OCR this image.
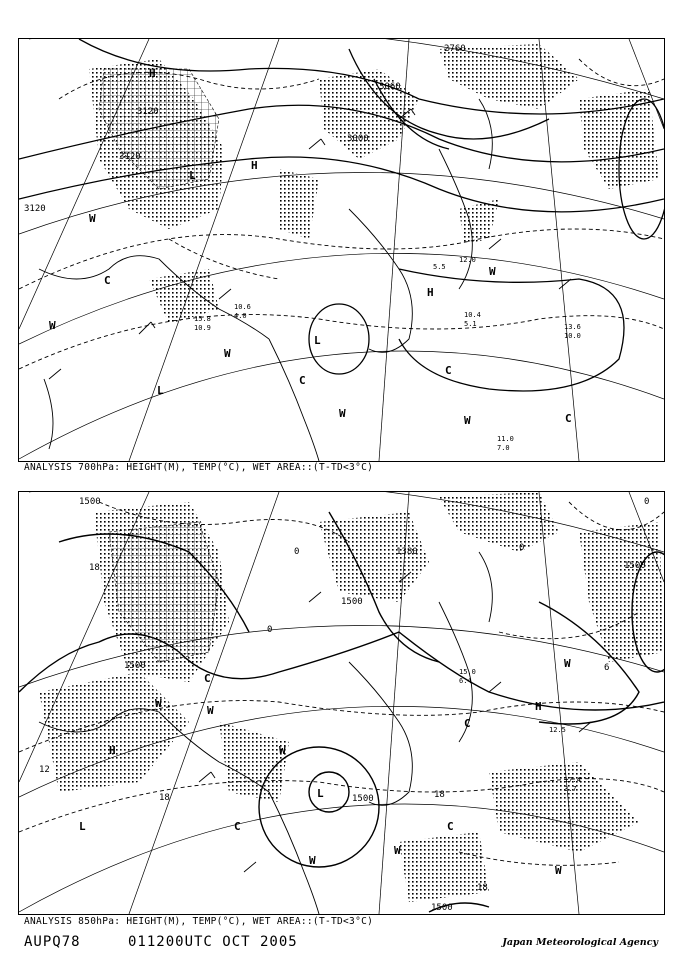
3120
3120
3060
3000
2760
3120
H
H
L
L
H
L
C
W
W
C
W	C
W
W
C
W
11.0
7.0
10.4
5.1	13.6
10.0
12.0
5.5
10.6
4.0
15.8
10.9
ANALYSIS 700hPa: HEIGHT(M), TEMP(°C), WET AREA::(T-TD<3°C)
1500
1500
1380
1500
1500
1500
1500
0
0
18
18
6
0
18
18
12
0
H
L
W
W	H
W
L
C
W
C
C
W
W
W
C
17.4
3.7
15.0
6.4
12.5
ANALYSIS 850hPa: HEIGHT(M), TEMP(°C), WET AREA::(T-TD<3°C)
AUPQ78	011200UTC OCT 2005	Japan Meteorological Agency
